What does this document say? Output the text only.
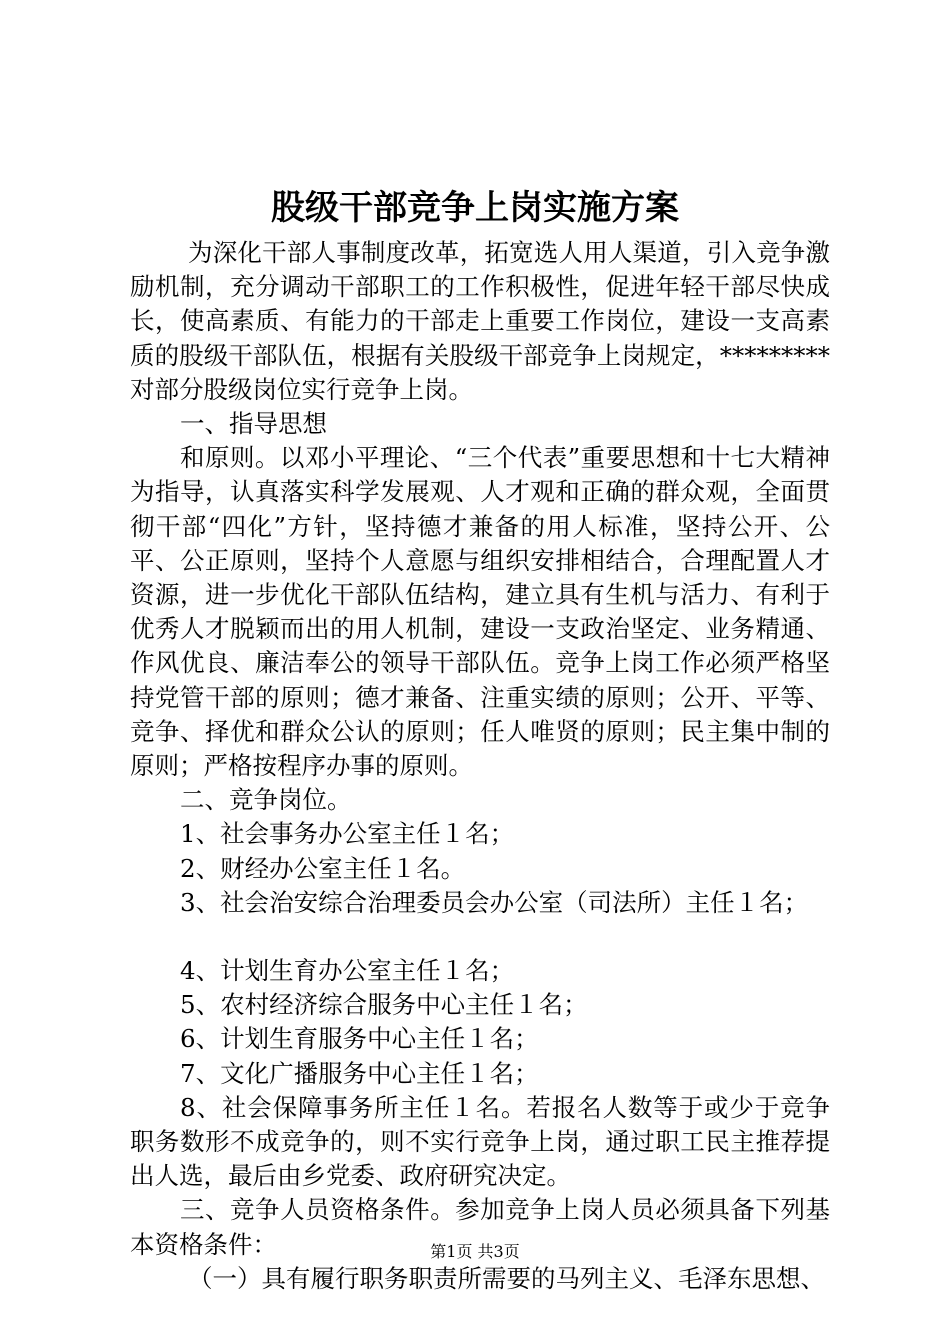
股级干部竞争上岗实施方案

为深化干部人事制度改革，拓宽选人用人渠道，引入竞争激励机制，充分调动干部职工的工作积极性，促进年轻干部尽快成长，使高素质、有能力的干部走上重要工作岗位，建设一支高素质的股级干部队伍，根据有关股级干部竞争上岗规定，*********对部分股级岗位实行竞争上岗。

一、指导思想

和原则。以邓小平理论、“三个代表”重要思想和十七大精神为指导，认真落实科学发展观、人才观和正确的群众观，全面贯彻干部“四化”方针，坚持德才兼备的用人标准，坚持公开、公平、公正原则，坚持个人意愿与组织安排相结合，合理配置人才资源，进一步优化干部队伍结构，建立具有生机与活力、有利于优秀人才脱颖而出的用人机制，建设一支政治坚定、业务精通、作风优良、廉洁奉公的领导干部队伍。竞争上岗工作必须严格坚持党管干部的原则；德才兼备、注重实绩的原则；公开、平等、竞争、择优和群众公认的原则；任人唯贤的原则；民主集中制的原则；严格按程序办事的原则。

二、竞争岗位。

1、社会事务办公室主任１名；

2、财经办公室主任１名。

3、社会治安综合治理委员会办公室（司法所）主任１名；

4、计划生育办公室主任１名；

5、农村经济综合服务中心主任１名；

6、计划生育服务中心主任１名；

7、文化广播服务中心主任１名；

8、社会保障事务所主任１名。若报名人数等于或少于竞争职务数形不成竞争的，则不实行竞争上岗，通过职工民主推荐提出人选，最后由乡党委、政府研究决定。

三、竞争人员资格条件。参加竞争上岗人员必须具备下列基本资格条件：

（一）具有履行职务职责所需要的马列主义、毛泽东思想、

第1页 共3页
